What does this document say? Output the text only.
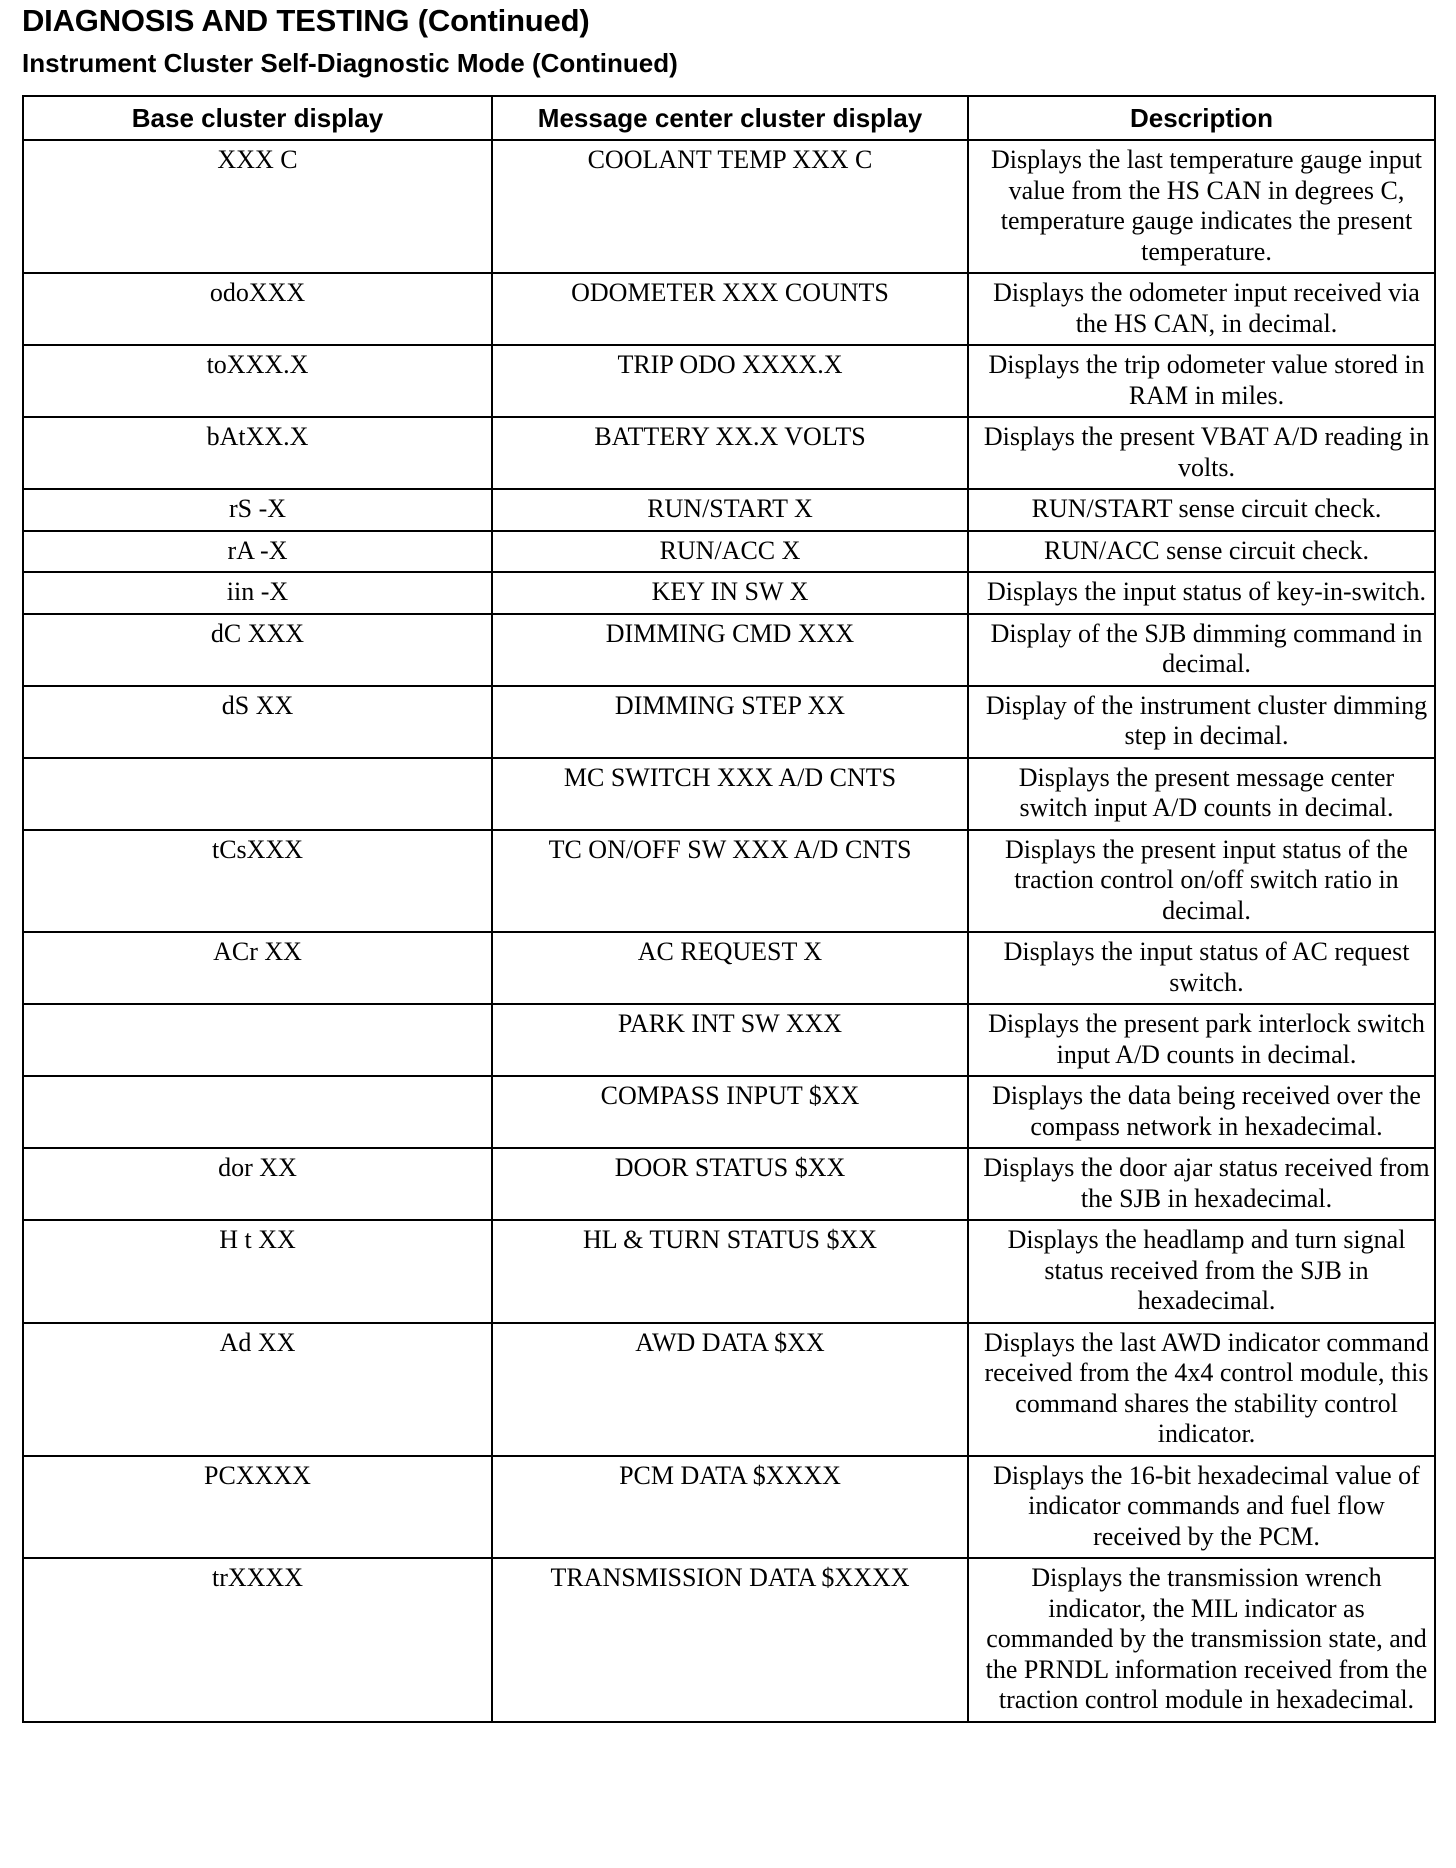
DIAGNOSIS AND TESTING (Continued)
Instrument Cluster Self-Diagnostic Mode (Continued)
Base cluster display	Message center cluster display	Description
XXX C	COOLANT TEMP XXX C	Displays the last temperature gauge input value from the HS CAN in degrees C, temperature gauge indicates the present temperature.
odoXXX	ODOMETER XXX COUNTS	Displays the odometer input received via the HS CAN, in decimal.
toXXX.X	TRIP ODO XXXX.X	Displays the trip odometer value stored in RAM in miles.
bAtXX.X	BATTERY XX.X VOLTS	Displays the present VBAT A/D reading in volts.
rS -X	RUN/START X	RUN/START sense circuit check.
rA -X	RUN/ACC X	RUN/ACC sense circuit check.
iin -X	KEY IN SW X	Displays the input status of key-in-switch.
dC XXX	DIMMING CMD XXX	Display of the SJB dimming command in decimal.
dS XX	DIMMING STEP XX	Display of the instrument cluster dimming step in decimal.
	MC SWITCH XXX A/D CNTS	Displays the present message center switch input A/D counts in decimal.
tCsXXX	TC ON/OFF SW XXX A/D CNTS	Displays the present input status of the traction control on/off switch ratio in decimal.
ACr XX	AC REQUEST X	Displays the input status of AC request switch.
	PARK INT SW XXX	Displays the present park interlock switch input A/D counts in decimal.
	COMPASS INPUT $XX	Displays the data being received over the compass network in hexadecimal.
dor XX	DOOR STATUS $XX	Displays the door ajar status received from the SJB in hexadecimal.
H t XX	HL & TURN STATUS $XX	Displays the headlamp and turn signal status received from the SJB in hexadecimal.
Ad XX	AWD DATA $XX	Displays the last AWD indicator command received from the 4x4 control module, this command shares the stability control indicator.
PCXXXX	PCM DATA $XXXX	Displays the 16-bit hexadecimal value of indicator commands and fuel flow received by the PCM.
trXXXX	TRANSMISSION DATA $XXXX	Displays the transmission wrench indicator, the MIL indicator as commanded by the transmission state, and the PRNDL information received from the traction control module in hexadecimal.
